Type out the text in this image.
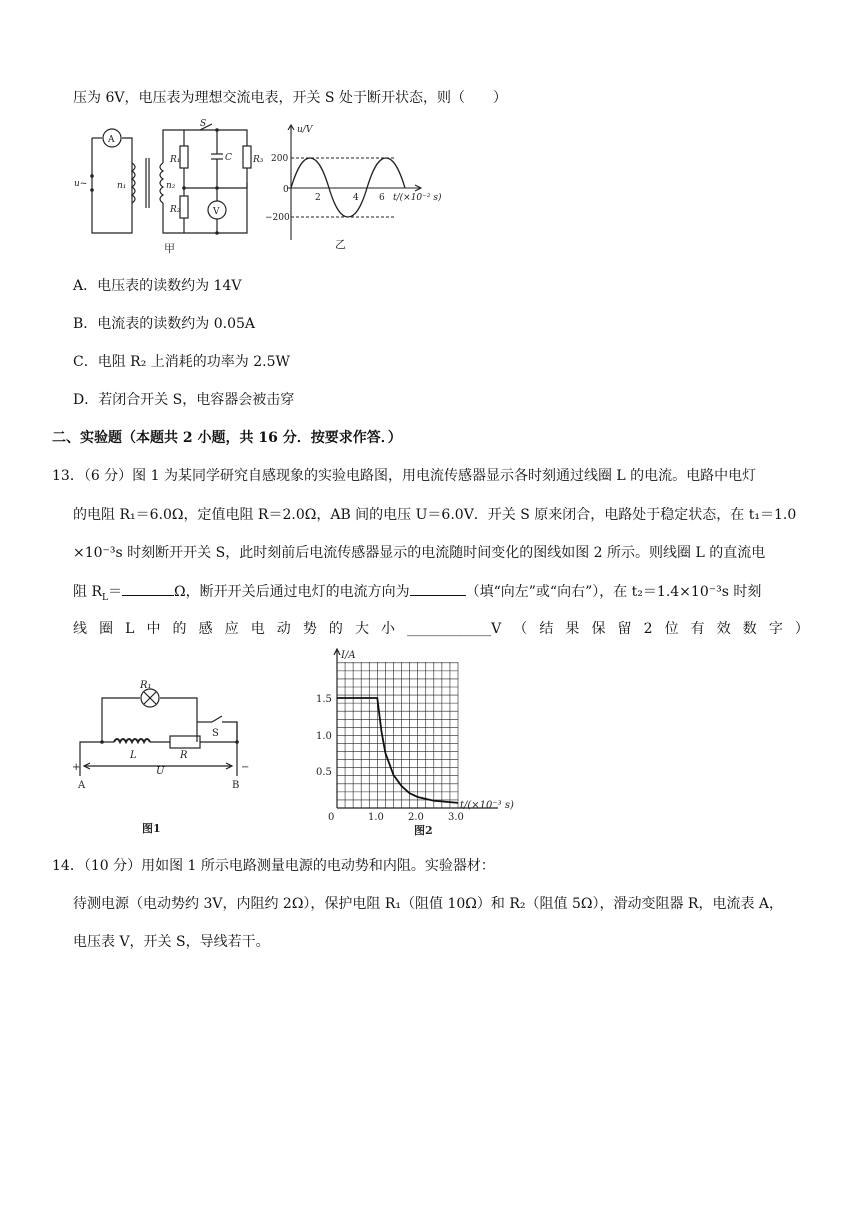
压为 6V，电压表为理想交流电表，开关 S 处于断开状态，则（　　）
A
u~	n₁	n₂
R₁
R₂
C R₃
S
V
甲
u/V
200
0
−200
2	4 6 t/(×10⁻² s)
乙
A．电压表的读数约为 14V
B．电流表的读数约为 0.05A
C．电阻 R₂ 上消耗的功率为 2.5W
D．若闭合开关 S，电容器会被击穿
二、实验题（本题共 2 小题，共 16 分．按要求作答．）
13．（6 分）图 1 为某同学研究自感现象的实验电路图，用电流传感器显示各时刻通过线圈 L 的电流。电路中电灯
的电阻 R₁＝6.0Ω，定值电阻 R＝2.0Ω，AB 间的电压 U＝6.0V．开关 S 原来闭合，电路处于稳定状态，在 t₁＝1.0
×10⁻³s 时刻断开开关 S，此时刻前后电流传感器显示的电流随时间变化的图线如图 2 所示。则线圈 L 的直流电
阻 $R_L=$	Ω，断开开关后通过电灯的电流方向为	（填“向左”或“向右”），在 t₂＝1.4×10⁻³s 时刻
线 圈 L 中 的 感 应 电 动 势 的 大 小 ____________V （ 结 果 保 留 2 位 有 效 数 字 ）
R₁
L	R
U
S
A	B
+	−
图1
I/A
t/(×10⁻³ s)
1.5
1.0
0.5
0	1.0 2.0 3.0
图2
14．（10 分）用如图 1 所示电路测量电源的电动势和内阻。实验器材：
待测电源（电动势约 3V，内阻约 2Ω），保护电阻 R₁（阻值 10Ω）和 R₂（阻值 5Ω），滑动变阻器 R，电流表 A，
电压表 V，开关 S，导线若干。
